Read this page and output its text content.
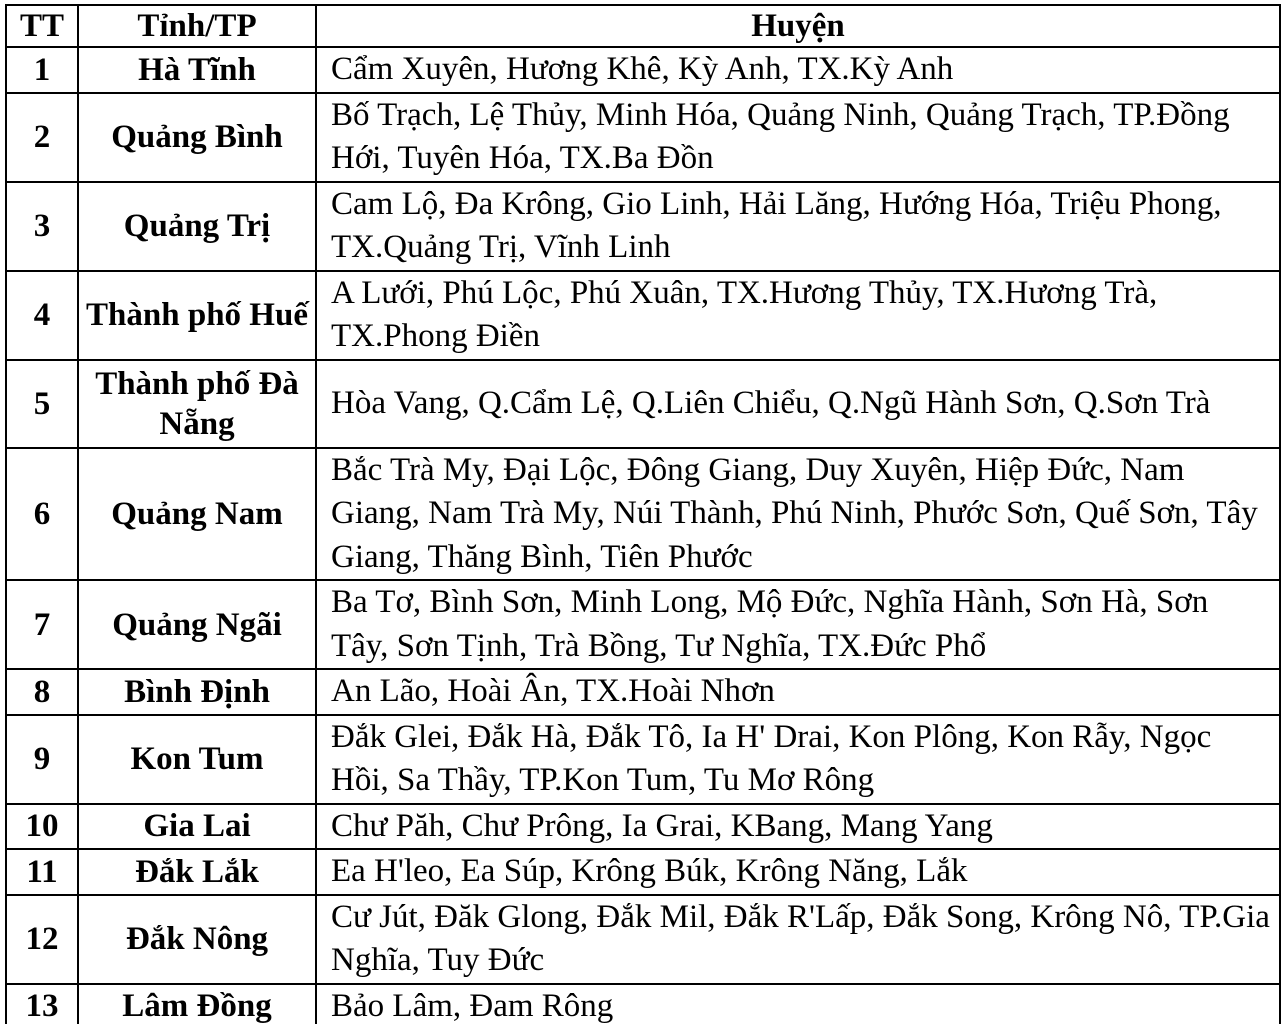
TT	Tỉnh/TP	Huyện
1	Hà Tĩnh	Cẩm Xuyên, Hương Khê, Kỳ Anh, TX.Kỳ Anh
2	Quảng Bình	Bố Trạch, Lệ Thủy, Minh Hóa, Quảng Ninh, Quảng Trạch, TP.Đồng Hới, Tuyên Hóa, TX.Ba Đồn
3	Quảng Trị	Cam Lộ, Đa Krông, Gio Linh, Hải Lăng, Hướng Hóa, Triệu Phong, TX.Quảng Trị, Vĩnh Linh
4	Thành phố Huế	A Lưới, Phú Lộc, Phú Xuân, TX.Hương Thủy, TX.Hương Trà, TX.Phong Điền
5	Thành phố Đà Nẵng	Hòa Vang, Q.Cẩm Lệ, Q.Liên Chiểu, Q.Ngũ Hành Sơn, Q.Sơn Trà
6	Quảng Nam	Bắc Trà My, Đại Lộc, Đông Giang, Duy Xuyên, Hiệp Đức, Nam Giang, Nam Trà My, Núi Thành, Phú Ninh, Phước Sơn, Quế Sơn, Tây Giang, Thăng Bình, Tiên Phước
7	Quảng Ngãi	Ba Tơ, Bình Sơn, Minh Long, Mộ Đức, Nghĩa Hành, Sơn Hà, Sơn Tây, Sơn Tịnh, Trà Bồng, Tư Nghĩa, TX.Đức Phổ
8	Bình Định	An Lão, Hoài Ân, TX.Hoài Nhơn
9	Kon Tum	Đắk Glei, Đắk Hà, Đắk Tô, Ia H' Drai, Kon Plông, Kon Rẫy, Ngọc Hồi, Sa Thầy, TP.Kon Tum, Tu Mơ Rông
10	Gia Lai	Chư Păh, Chư Prông, Ia Grai, KBang, Mang Yang
11	Đắk Lắk	Ea H'leo, Ea Súp, Krông Búk, Krông Năng, Lắk
12	Đắk Nông	Cư Jút, Đăk Glong, Đắk Mil, Đắk R'Lấp, Đắk Song, Krông Nô, TP.Gia Nghĩa, Tuy Đức
13	Lâm Đồng	Bảo Lâm, Đam Rông
